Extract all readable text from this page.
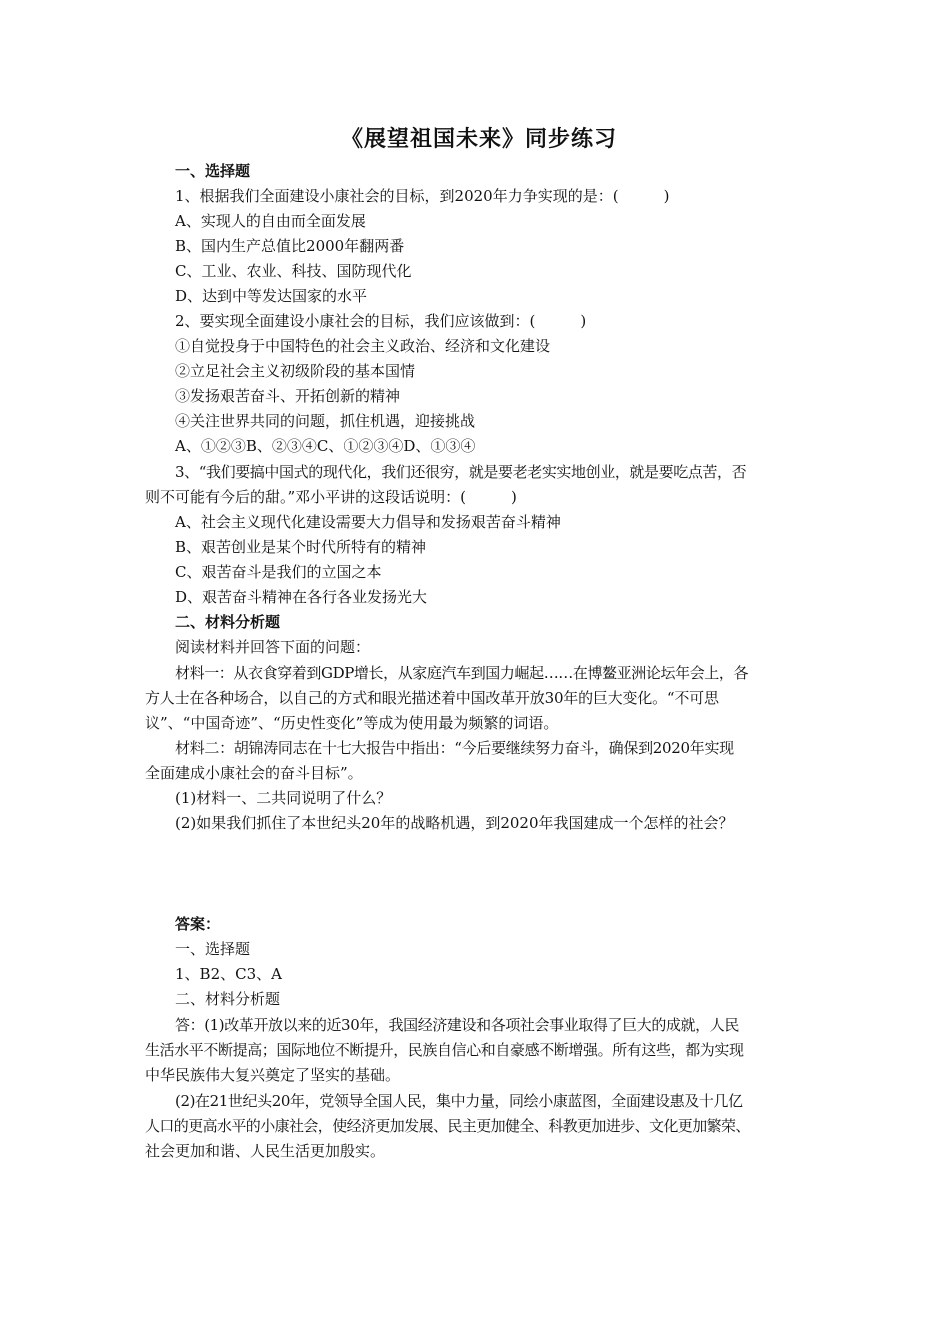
《展望祖国未来》同步练习
一、选择题
1、根据我们全面建设小康社会的目标，到2020年力争实现的是：(　　　)
A、实现人的自由而全面发展
B、国内生产总值比2000年翻两番
C、工业、农业、科技、国防现代化
D、达到中等发达国家的水平
2、要实现全面建设小康社会的目标，我们应该做到：(　　　)
①自觉投身于中国特色的社会主义政治、经济和文化建设
②立足社会主义初级阶段的基本国情
③发扬艰苦奋斗、开拓创新的精神
④关注世界共同的问题，抓住机遇，迎接挑战
A、①②③B、②③④C、①②③④D、①③④
3、“我们要搞中国式的现代化，我们还很穷，就是要老老实实地创业，就是要吃点苦，否
则不可能有今后的甜。”邓小平讲的这段话说明：(　　　)
A、社会主义现代化建设需要大力倡导和发扬艰苦奋斗精神
B、艰苦创业是某个时代所特有的精神
C、艰苦奋斗是我们的立国之本
D、艰苦奋斗精神在各行各业发扬光大
二、材料分析题
阅读材料并回答下面的问题：
材料一：从衣食穿着到GDP增长，从家庭汽车到国力崛起……在博鳌亚洲论坛年会上，各
方人士在各种场合，以自己的方式和眼光描述着中国改革开放30年的巨大变化。“不可思
议”、“中国奇迹”、“历史性变化”等成为使用最为频繁的词语。
材料二：胡锦涛同志在十七大报告中指出：“今后要继续努力奋斗，确保到2020年实现
全面建成小康社会的奋斗目标”。
(1)材料一、二共同说明了什么？
(2)如果我们抓住了本世纪头20年的战略机遇，到2020年我国建成一个怎样的社会？
答案：
一、选择题
1、B2、C3、A
二、材料分析题
答：(1)改革开放以来的近30年，我国经济建设和各项社会事业取得了巨大的成就，人民
生活水平不断提高；国际地位不断提升，民族自信心和自豪感不断增强。所有这些，都为实现
中华民族伟大复兴奠定了坚实的基础。
(2)在21世纪头20年，党领导全国人民，集中力量，同绘小康蓝图，全面建设惠及十几亿
人口的更高水平的小康社会，使经济更加发展、民主更加健全、科教更加进步、文化更加繁荣、
社会更加和谐、人民生活更加殷实。
